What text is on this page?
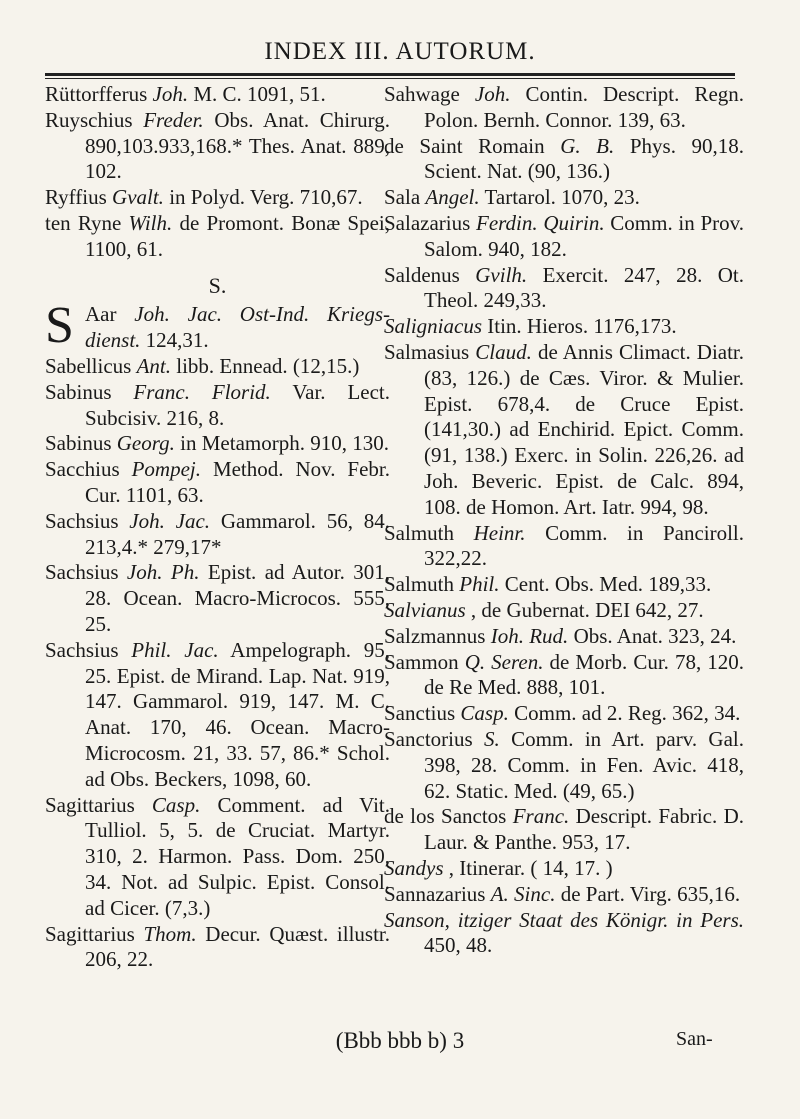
INDEX III. AUTORUM.
Rüttorfferus Joh. M. C. 1091, 51.
Ruyschius Freder. Obs. Anat. Chirurg. 890,103.933,168.* Thes. Anat. 889, 102.
Ryffius Gvalt. in Polyd. Verg. 710,67.
ten Ryne Wilh. de Promont. Bonæ Spei, 1100, 61.
S.
S Aar Joh. Jac. Ost-Ind. Kriegs-dienst. 124,31.
Sabellicus Ant. libb. Ennead. (12,15.)
Sabinus Franc. Florid. Var. Lect. Subcisiv. 216, 8.
Sabinus Georg. in Metamorph. 910, 130.
Sacchius Pompej. Method. Nov. Febr. Cur. 1101, 63.
Sachsius Joh. Jac. Gammarol. 56, 84. 213,4.* 279,17*
Sachsius Joh. Ph. Epist. ad Autor. 301, 28. Ocean. Macro-Microcos. 555, 25.
Sachsius Phil. Jac. Ampelograph. 95, 25. Epist. de Mirand. Lap. Nat. 919, 147. Gammarol. 919, 147. M. C. Anat. 170, 46. Ocean. Macro-Microcosm. 21, 33. 57, 86.* Schol. ad Obs. Beckers, 1098, 60.
Sagittarius Casp. Comment. ad Vit. Tulliol. 5, 5. de Cruciat. Martyr. 310, 2. Harmon. Pass. Dom. 250, 34. Not. ad Sulpic. Epist. Consol. ad Cicer. (7,3.)
Sagittarius Thom. Decur. Quæst. illustr. 206, 22.
Sahwage Joh. Contin. Descript. Regn. Polon. Bernh. Connor. 139, 63.
de Saint Romain G. B. Phys. 90,18. Scient. Nat. (90, 136.)
Sala Angel. Tartarol. 1070, 23.
Salazarius Ferdin. Quirin. Comm. in Prov. Salom. 940, 182.
Saldenus Gvilh. Exercit. 247, 28. Ot. Theol. 249,33.
Saligniacus Itin. Hieros. 1176,173.
Salmasius Claud. de Annis Climact. Diatr. (83, 126.) de Cæs. Viror. & Mulier. Epist. 678,4. de Cruce Epist. (141,30.) ad Enchirid. Epict. Comm. (91, 138.) Exerc. in Solin. 226,26. ad Joh. Beveric. Epist. de Calc. 894, 108. de Homon. Art. Iatr. 994, 98.
Salmuth Heinr. Comm. in Panciroll. 322,22.
Salmuth Phil. Cent. Obs. Med. 189,33.
Salvianus , de Gubernat. DEI 642, 27.
Salzmannus Ioh. Rud. Obs. Anat. 323, 24.
Sammon Q. Seren. de Morb. Cur. 78, 120. de Re Med. 888, 101.
Sanctius Casp. Comm. ad 2. Reg. 362, 34.
Sanctorius S. Comm. in Art. parv. Gal. 398, 28. Comm. in Fen. Avic. 418, 62. Static. Med. (49, 65.)
de los Sanctos Franc. Descript. Fabric. D. Laur. & Panthe. 953, 17.
Sandys , Itinerar. ( 14, 17. )
Sannazarius A. Sinc. de Part. Virg. 635,16.
Sanson, itziger Staat des Königr. in Pers. 450, 48.
(Bbb bbb b) 3	San-
